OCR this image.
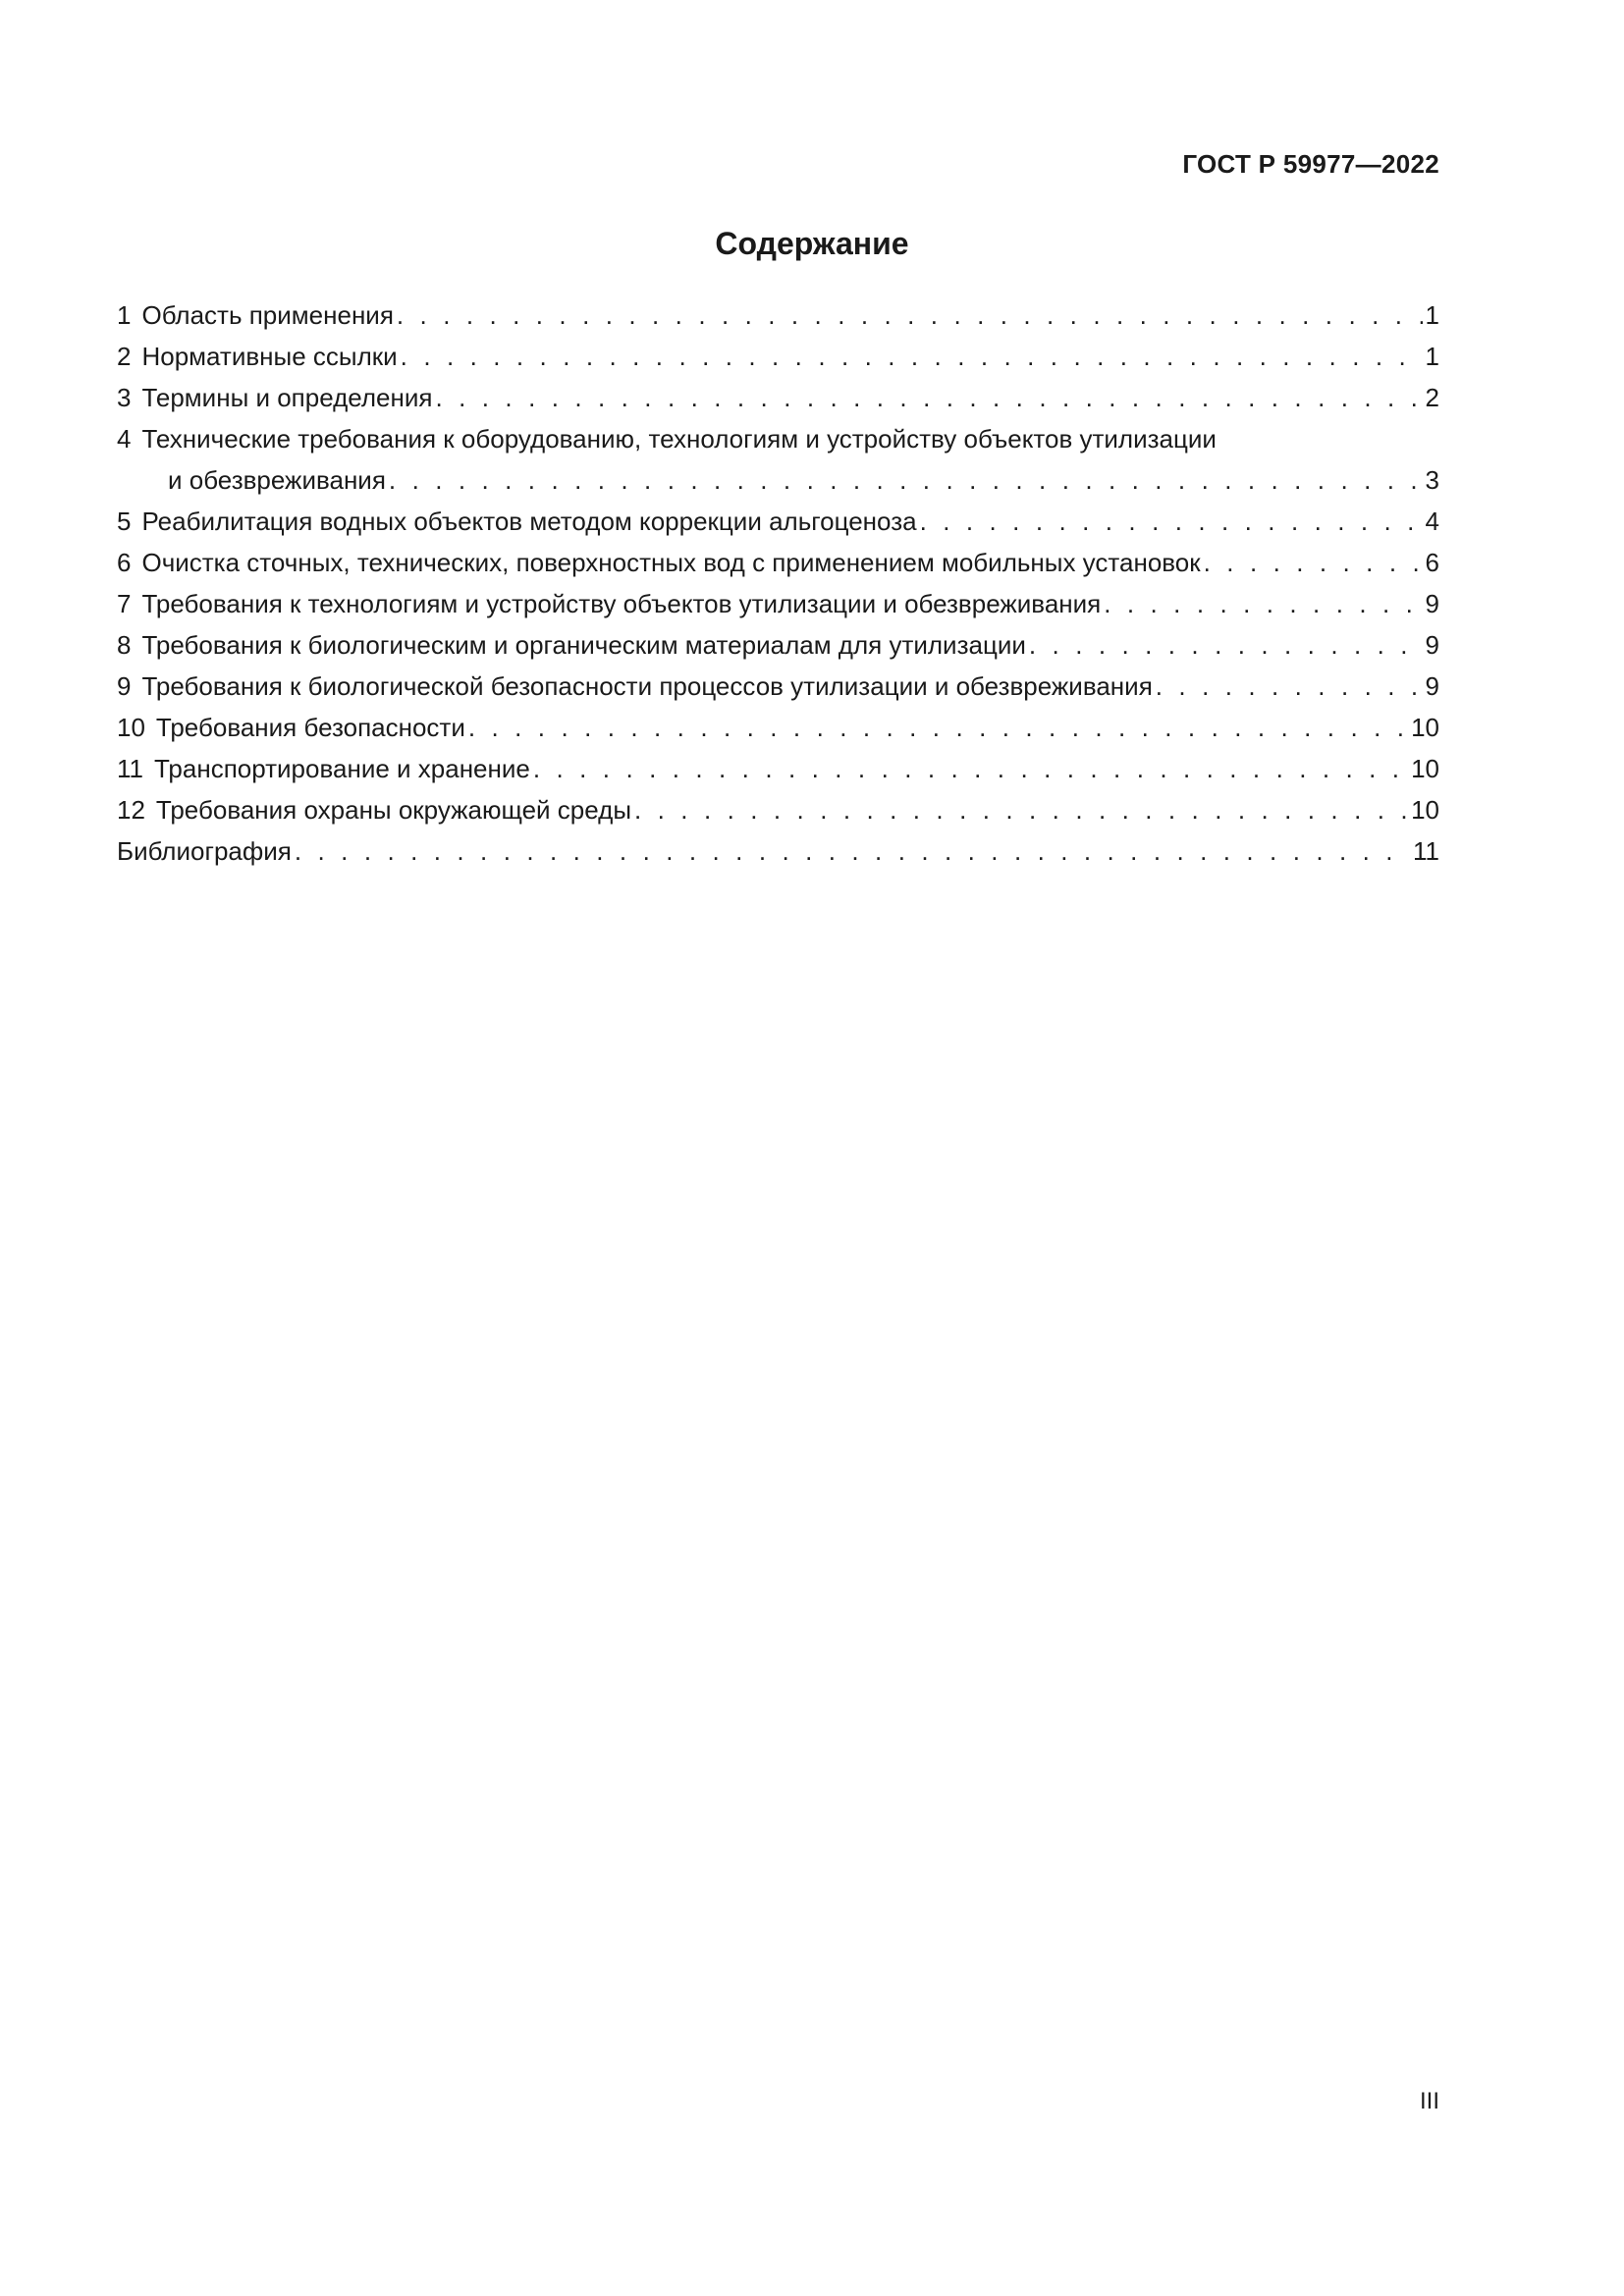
ГОСТ Р 59977—2022
Содержание
1 Область применения . . .	1
2 Нормативные ссылки . . .	1
3 Термины и определения . . .	2
4 Технические требования к оборудованию, технологиям и устройству объектов утилизации
и обезвреживания . . .	3
5 Реабилитация водных объектов методом коррекции альгоценоза . . .	4
6 Очистка сточных, технических, поверхностных вод с применением мобильных установок . . .	6
7 Требования к технологиям и устройству объектов утилизации и обезвреживания . . .	9
8 Требования к биологическим и органическим материалам для утилизации . . .	9
9 Требования к биологической безопасности процессов утилизации и обезвреживания . . .	9
10 Требования безопасности . . .	10
11 Транспортирование и хранение . . .	10
12 Требования охраны окружающей среды . . .	10
Библиография . . .	11
III
